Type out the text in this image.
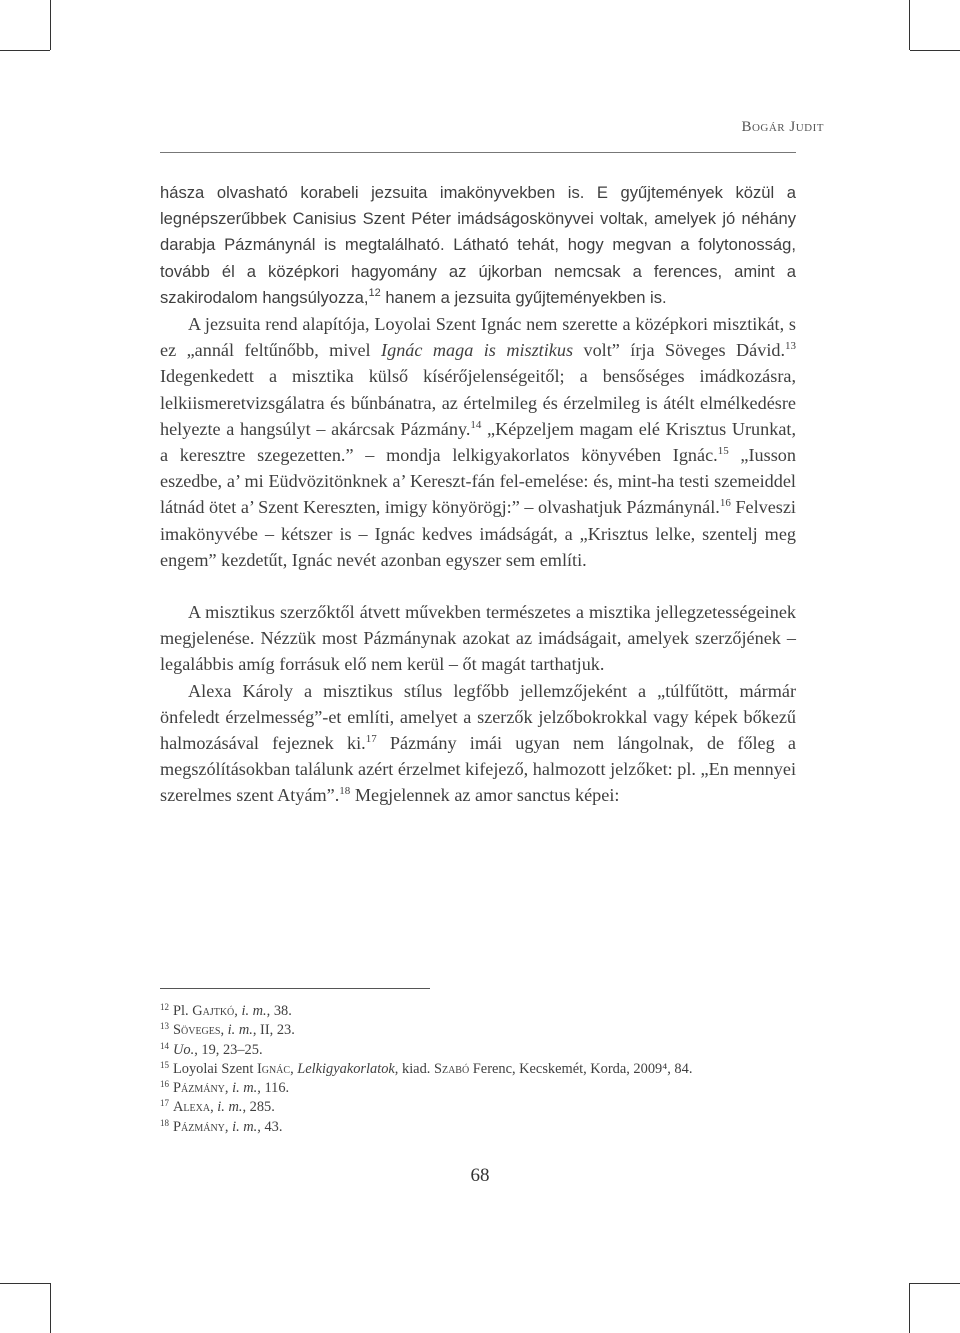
Bogár Judit

hásza olvasható korabeli jezsuita imakönyvekben is. E gyűjtemények közül a legnépszerűbbek Canisius Szent Péter imádságoskönyvei voltak, amelyek jó néhány darabja Pázmánynál is megtalálható. Látható tehát, hogy megvan a folytonosság, tovább él a középkori hagyomány az újkorban nemcsak a ferences, amint a szakirodalom hangsúlyozza,$^{12}$ hanem a jezsuita gyűjteményekben is.

A jezsuita rend alapítója, Loyolai Szent Ignác nem szerette a középkori misztikát, s ez „annál feltűnőbb, mivel Ignác maga is misztikus volt” írja Söveges Dávid.$^{13}$ Idegenkedett a misztika külső kísérőjelenségeitől; a bensőséges imádkozásra, lelkiismeretvizsgálatra és bűnbánatra, az értelmileg és érzelmileg is átélt elmélkedésre helyezte a hangsúlyt – akárcsak Pázmány.$^{14}$ „Képzeljem magam elé Krisztus Urunkat, a keresztre szegezetten.” – mondja lelkigyakorlatos könyvében Ignác.$^{15}$ „Iusson eszedbe, a’ mi Eüdvözitönknek a’ Kereszt-fán fel-emelése: és, mint-ha testi szemeiddel látnád ötet a’ Szent Kereszten, imigy könyörögj:” – olvashatjuk Pázmánynál.$^{16}$ Felveszi imakönyvébe – kétszer is – Ignác kedves imádságát, a „Krisztus lelke, szentelj meg engem” kezdetűt, Ignác nevét azonban egyszer sem említi.

A misztikus szerzőktől átvett művekben természetes a misztika jellegzetességeinek megjelenése. Nézzük most Pázmánynak azokat az imádságait, amelyek szerzőjének – legalábbis amíg forrásuk elő nem kerül – őt magát tarthatjuk.

Alexa Károly a misztikus stílus legfőbb jellemzőjeként a „túlfűtött, mármár önfeledt érzelmesség”-et említi, amelyet a szerzők jelzőbokrokkal vagy képek bőkezű halmozásával fejeznek ki.$^{17}$ Pázmány imái ugyan nem lángolnak, de főleg a megszólításokban találunk azért érzelmet kifejező, halmozott jelzőket: pl. „En mennyei szerelmes szent Atyám”.$^{18}$ Megjelennek az amor sanctus képei:

$^{12}$ Pl. Gajtkó, i. m., 38.

$^{13}$ Söveges, i. m., II, 23.

$^{14}$ Uo., 19, 23–25.

$^{15}$ Loyolai Szent Ignác, Lelkigyakorlatok, kiad. Szabó Ferenc, Kecskemét, Korda, 2009⁴, 84.

$^{16}$ Pázmány, i. m., 116.

$^{17}$ Alexa, i. m., 285.

$^{18}$ Pázmány, i. m., 43.

68
